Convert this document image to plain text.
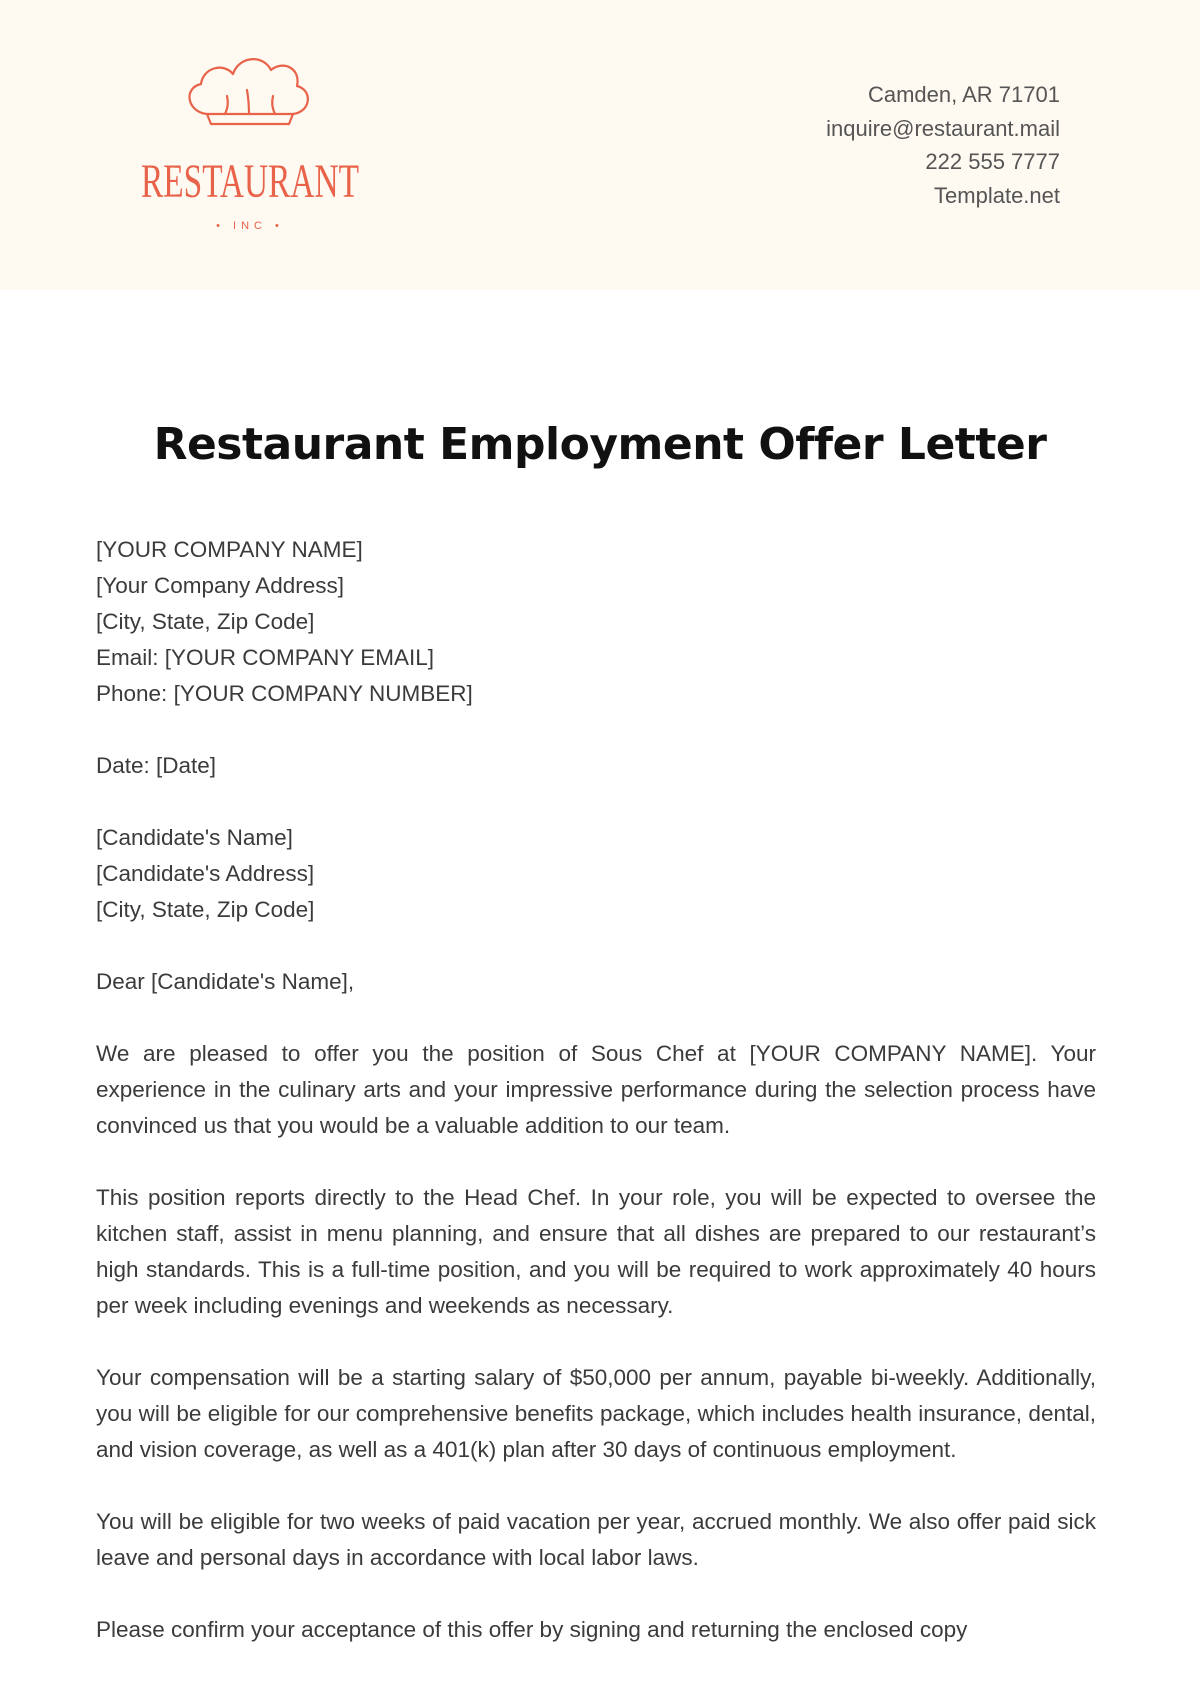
RESTAURANT
• INC •
Camden, AR 71701
inquire@restaurant.mail
222 555 7777
Template.net
Restaurant Employment Offer Letter
[YOUR COMPANY NAME]
[Your Company Address]
[City, State, Zip Code]
Email: [YOUR COMPANY EMAIL]
Phone: [YOUR COMPANY NUMBER]
Date: [Date]
[Candidate's Name]
[Candidate's Address]
[City, State, Zip Code]
Dear [Candidate's Name],
We are pleased to offer you the position of Sous Chef at [YOUR COMPANY NAME]. Your experience in the culinary arts and your impressive performance during the selection process have convinced us that you would be a valuable addition to our team.
This position reports directly to the Head Chef. In your role, you will be expected to oversee the kitchen staff, assist in menu planning, and ensure that all dishes are prepared to our restaurant’s high standards. This is a full-time position, and you will be required to work approximately 40 hours per week including evenings and weekends as necessary.
Your compensation will be a starting salary of $50,000 per annum, payable bi-weekly. Additionally, you will be eligible for our comprehensive benefits package, which includes health insurance, dental, and vision coverage, as well as a 401(k) plan after 30 days of continuous employment.
You will be eligible for two weeks of paid vacation per year, accrued monthly. We also offer paid sick leave and personal days in accordance with local labor laws.
Please confirm your acceptance of this offer by signing and returning the enclosed copy
